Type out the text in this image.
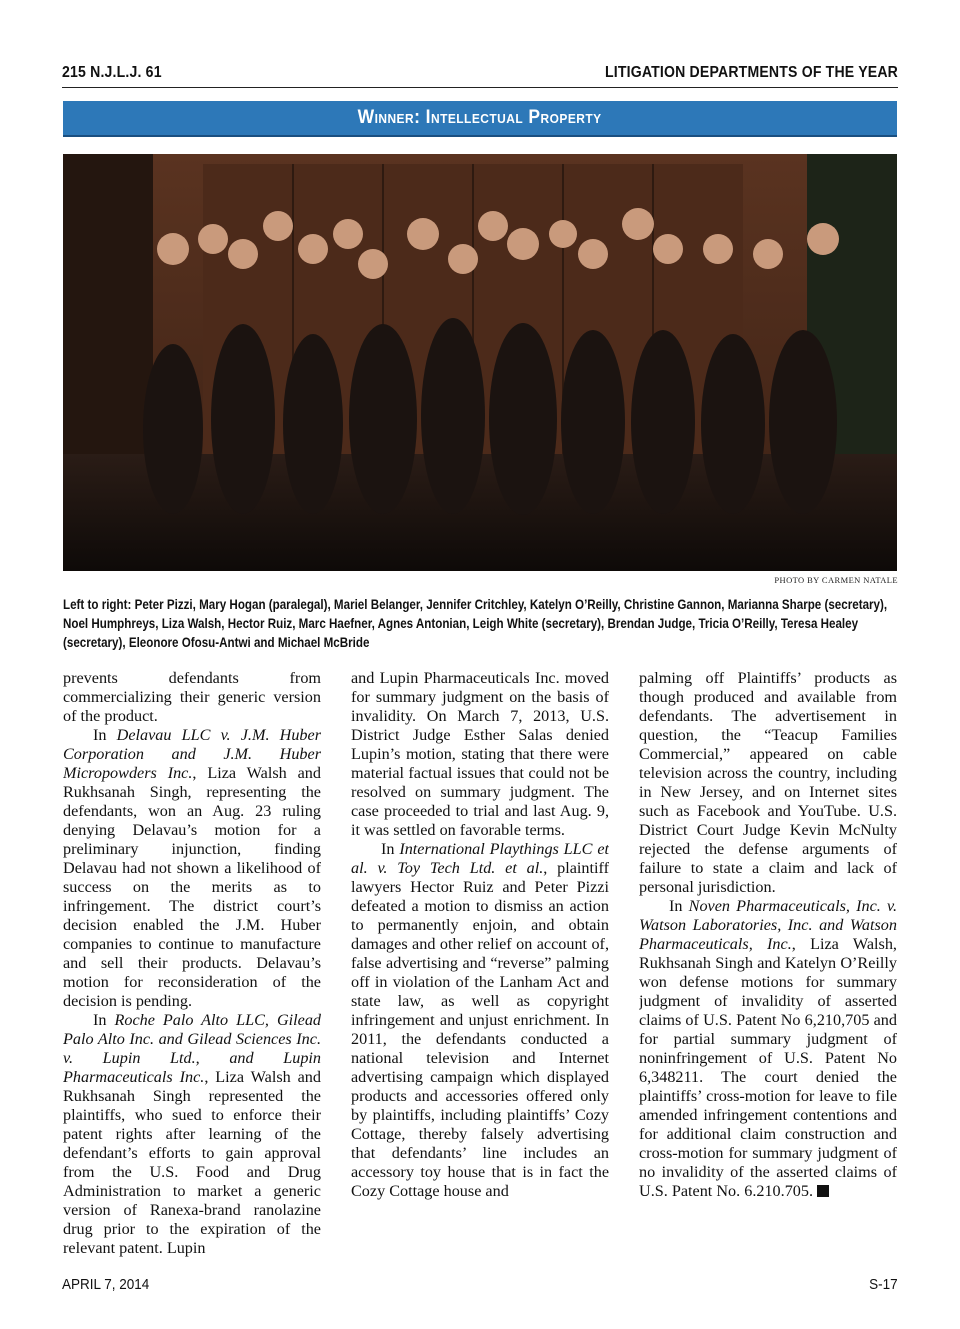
215 N.J.L.J. 61	LITIGATION DEPARTMENTS OF THE YEAR
Winner: Intellectual Property
PHOTO BY CARMEN NATALE

Left to right: Peter Pizzi, Mary Hogan (paralegal), Mariel Belanger, Jennifer Critchley, Katelyn O’Reilly, Christine Gannon, Marianna Sharpe (secretary), Noel Humphreys, Liza Walsh, Hector Ruiz, Marc Haefner, Agnes Antonian, Leigh White (secretary), Brendan Judge, Tricia O’Reilly, Teresa Healey (secretary), Eleonore Ofosu-Antwi and Michael McBride

prevents defendants from commercializing their generic version of the product.

In Delavau LLC v. J.M. Huber Corporation and J.M. Huber Micropowders Inc., Liza Walsh and Rukhsanah Singh, representing the defendants, won an Aug. 23 ruling denying Delavau’s motion for a preliminary injunction, finding Delavau had not shown a likelihood of success on the merits as to infringement. The district court’s decision enabled the J.M. Huber companies to continue to manufacture and sell their products. Delavau’s motion for reconsideration of the decision is pending.

In Roche Palo Alto LLC, Gilead Palo Alto Inc. and Gilead Sciences Inc. v. Lupin Ltd., and Lupin Pharmaceuticals Inc., Liza Walsh and Rukhsanah Singh represented the plaintiffs, who sued to enforce their patent rights after learning of the defendant’s efforts to gain approval from the U.S. Food and Drug Administration to market a generic version of Ranexa-brand ranolazine drug prior to the expiration of the relevant patent. Lupin

and Lupin Pharmaceuticals Inc. moved for summary judgment on the basis of invalidity. On March 7, 2013, U.S. District Judge Esther Salas denied Lupin’s motion, stating that there were material factual issues that could not be resolved on summary judgment. The case proceeded to trial and last Aug. 9, it was settled on favorable terms.

In International Playthings LLC et al. v. Toy Tech Ltd. et al., plaintiff lawyers Hector Ruiz and Peter Pizzi defeated a motion to dismiss an action to permanently enjoin, and obtain damages and other relief on account of, false advertising and “reverse” palming off in violation of the Lanham Act and state law, as well as copyright infringement and unjust enrichment. In 2011, the defendants conducted a national television and Internet advertising campaign which displayed products and accessories offered only by plaintiffs, including plaintiffs’ Cozy Cottage, thereby falsely advertising that defendants’ line includes an accessory toy house that is in fact the Cozy Cottage house and

palming off Plaintiffs’ products as though produced and available from defendants. The advertisement in question, the “Teacup Families Commercial,” appeared on cable television across the country, including in New Jersey, and on Internet sites such as Facebook and YouTube. U.S. District Court Judge Kevin McNulty rejected the defense arguments of failure to state a claim and lack of personal jurisdiction.

In Noven Pharmaceuticals, Inc. v. Watson Laboratories, Inc. and Watson Pharmaceuticals, Inc., Liza Walsh, Rukhsanah Singh and Katelyn O’Reilly won defense motions for summary judgment of invalidity of asserted claims of U.S. Patent No 6,210,705 and for partial summary judgment of noninfringement of U.S. Patent No 6,348211. The court denied the plaintiffs’ cross-motion for leave to file amended infringement contentions and for additional claim construction and cross-motion for summary judgment of no invalidity of the asserted claims of U.S. Patent No. 6.210.705.

APRIL 7, 2014	S-17
